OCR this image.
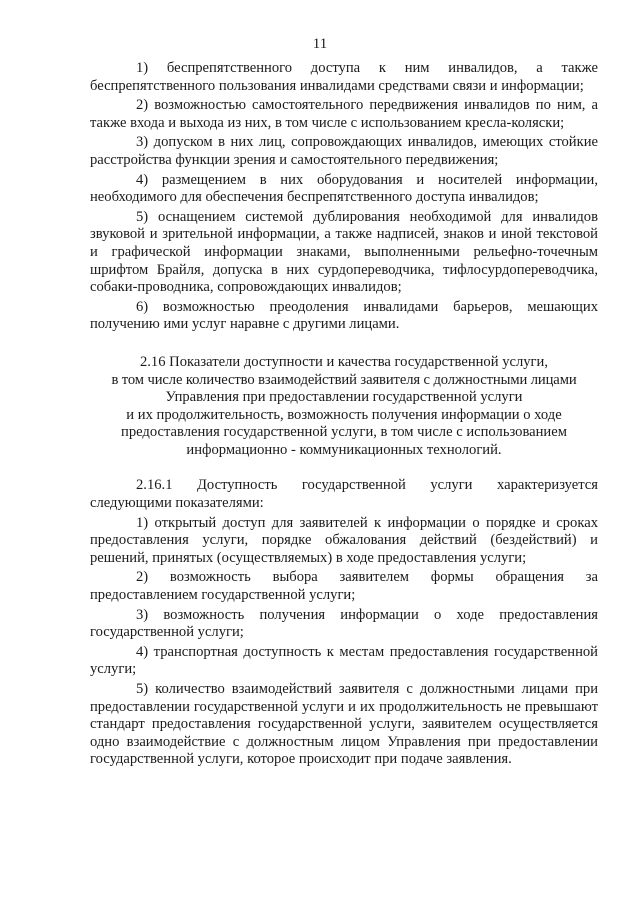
11

1) беспрепятственного доступа к ним инвалидов, а также беспрепятственного пользования инвалидами средствами связи и информации;

2) возможностью самостоятельного передвижения инвалидов по ним, а также входа и выхода из них, в том числе с использованием кресла-коляски;

3) допуском в них лиц, сопровождающих инвалидов, имеющих стойкие расстройства функции зрения и самостоятельного передвижения;

4) размещением в них оборудования и носителей информации, необходимого для обеспечения беспрепятственного доступа инвалидов;

5) оснащением системой дублирования необходимой для инвалидов звуковой и зрительной информации, а также надписей, знаков и иной текстовой и графической информации знаками, выполненными рельефно-точечным шрифтом Брайля, допуска в них сурдопереводчика, тифлосурдопереводчика, собаки-проводника, сопровождающих инвалидов;

6) возможностью преодоления инвалидами барьеров, мешающих получению ими услуг наравне с другими лицами.

2.16 Показатели доступности и качества государственной услуги,
в том числе количество взаимодействий заявителя с должностными лицами
Управления при предоставлении государственной услуги
и их продолжительность, возможность получения информации о ходе
предоставления государственной услуги, в том числе с использованием
информационно - коммуникационных технологий.

2.16.1 Доступность государственной услуги характеризуется следующими показателями:

1) открытый доступ для заявителей к информации о порядке и сроках предоставления услуги, порядке обжалования действий (бездействий) и решений, принятых (осуществляемых) в ходе предоставления услуги;

2) возможность выбора заявителем формы обращения за предоставлением государственной услуги;

3) возможность получения информации о ходе предоставления государственной услуги;

4) транспортная доступность к местам предоставления государственной услуги;

5) количество взаимодействий заявителя с должностными лицами при предоставлении государственной услуги и их продолжительность не превышают стандарт предоставления государственной услуги, заявителем осуществляется одно взаимодействие с должностным лицом Управления при предоставлении государственной услуги, которое происходит при подаче заявления.
